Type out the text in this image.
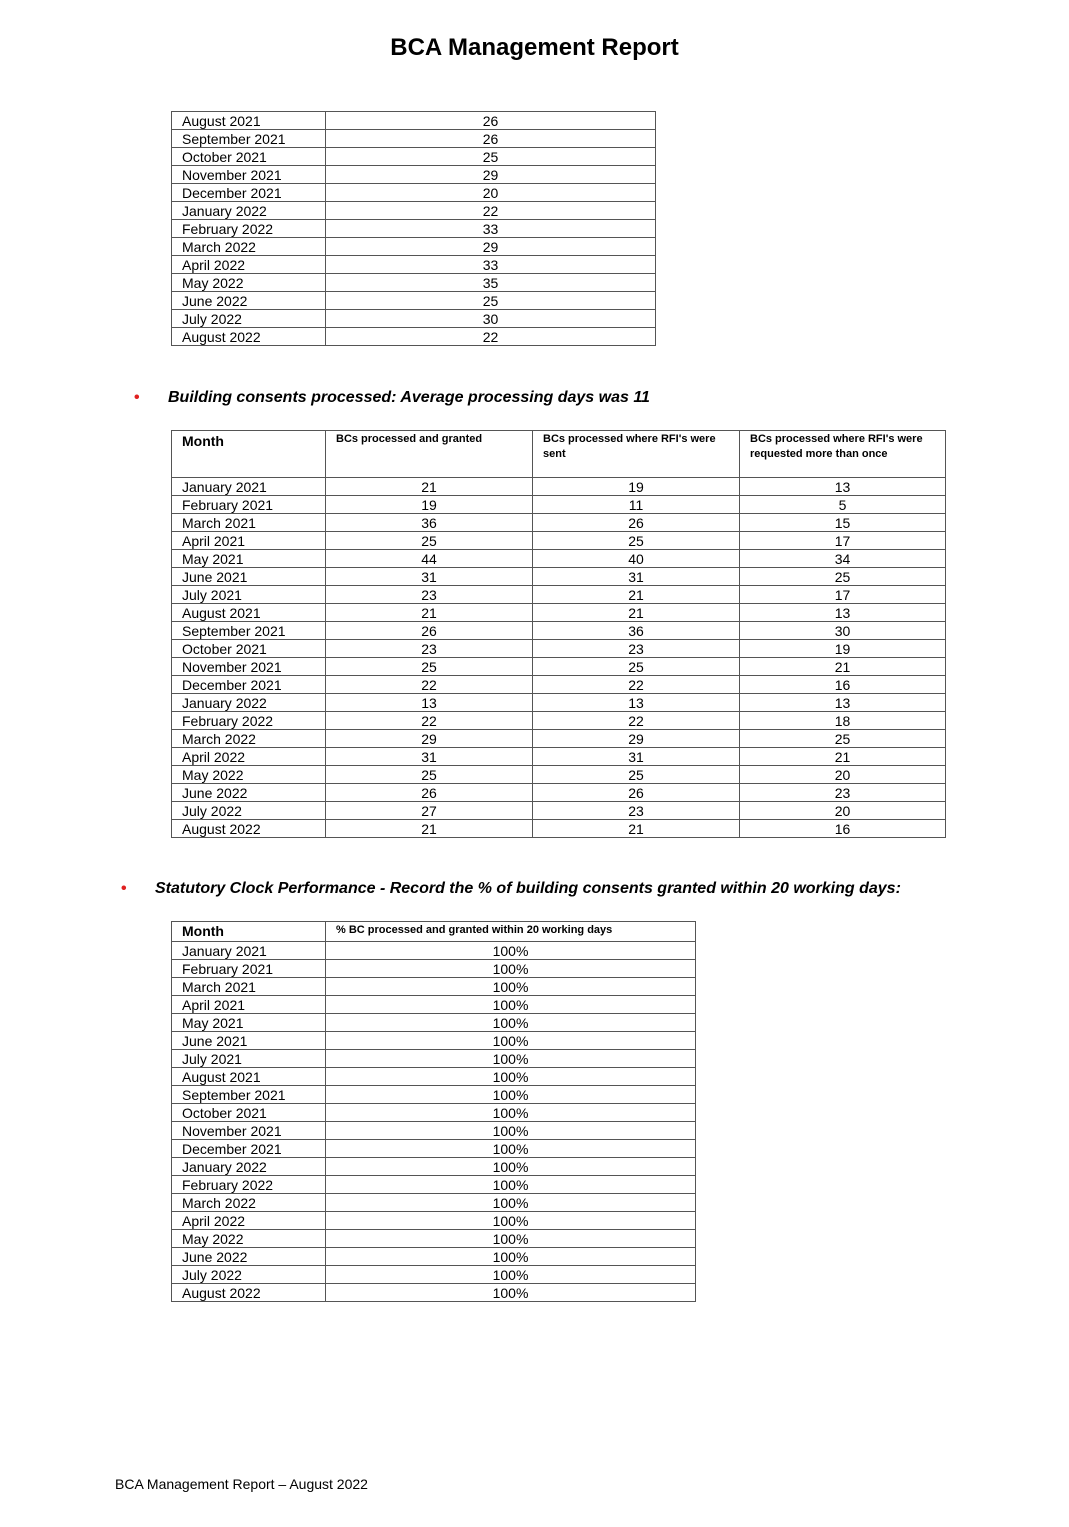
BCA Management Report
August 2021	26
September 2021	26
October 2021	25
November 2021	29
December 2021	20
January 2022	22
February 2022	33
March 2022	29
April 2022	33
May 2022	35
June 2022	25
July 2022	30
August 2022	22
• Building consents processed: Average processing days was 11
Month	BCs processed and granted	BCs processed where RFI's were sent	BCs processed where RFI's were requested more than once
January 2021	21	19	13
February 2021	19	11	5
March 2021	36	26	15
April 2021	25	25	17
May 2021	44	40	34
June 2021	31	31	25
July 2021	23	21	17
August 2021	21	21	13
September 2021	26	36	30
October 2021	23	23	19
November 2021	25	25	21
December 2021	22	22	16
January 2022	13	13	13
February 2022	22	22	18
March 2022	29	29	25
April 2022	31	31	21
May 2022	25	25	20
June 2022	26	26	23
July 2022	27	23	20
August 2022	21	21	16
• Statutory Clock Performance - Record the % of building consents granted within 20 working days:
Month	% BC processed and granted within 20 working days
January 2021	100%
February 2021	100%
March 2021	100%
April 2021	100%
May 2021	100%
June 2021	100%
July 2021	100%
August 2021	100%
September 2021	100%
October 2021	100%
November 2021	100%
December 2021	100%
January 2022	100%
February 2022	100%
March 2022	100%
April 2022	100%
May 2022	100%
June 2022	100%
July 2022	100%
August 2022	100%
BCA Management Report – August 2022
